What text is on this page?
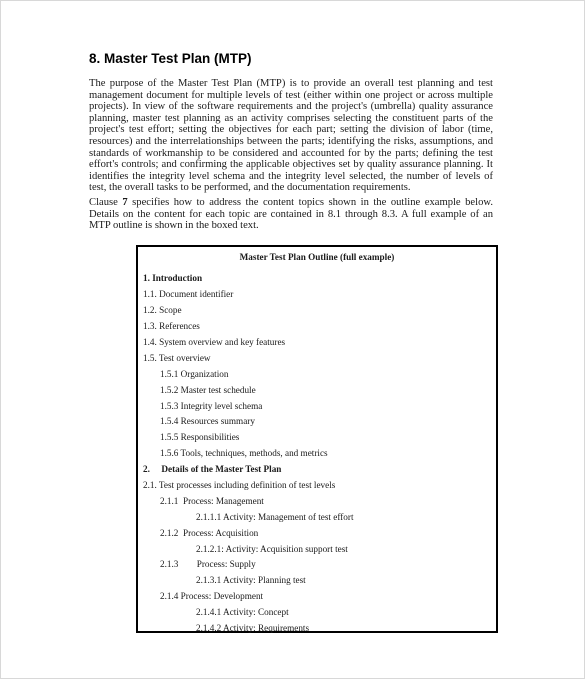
8. Master Test Plan (MTP)

The purpose of the Master Test Plan (MTP) is to provide an overall test planning and test management document for multiple levels of test (either within one project or across multiple projects). In view of the software requirements and the project's (umbrella) quality assurance planning, master test planning as an activity comprises selecting the constituent parts of the project's test effort; setting the objectives for each part; setting the division of labor (time, resources) and the interrelationships between the parts; identifying the risks, assumptions, and standards of workmanship to be considered and accounted for by the parts; defining the test effort's controls; and confirming the applicable objectives set by quality assurance planning. It identifies the integrity level schema and the integrity level selected, the number of levels of test, the overall tasks to be performed, and the documentation requirements.

Clause 7 specifies how to address the content topics shown in the outline example below. Details on the content for each topic are contained in 8.1 through 8.3. A full example of an MTP outline is shown in the boxed text.

Master Test Plan Outline (full example)

1. Introduction

1.1. Document identifier

1.2. Scope

1.3. References

1.4. System overview and key features

1.5. Test overview

1.5.1 Organization

1.5.2 Master test schedule

1.5.3 Integrity level schema

1.5.4 Resources summary

1.5.5 Responsibilities

1.5.6 Tools, techniques, methods, and metrics

2.     Details of the Master Test Plan

2.1. Test processes including definition of test levels

2.1.1  Process: Management

2.1.1.1 Activity: Management of test effort

2.1.2  Process: Acquisition

2.1.2.1: Activity: Acquisition support test

2.1.3        Process: Supply

2.1.3.1 Activity: Planning test

2.1.4 Process: Development

2.1.4.1 Activity: Concept

2.1.4.2 Activity: Requirements
